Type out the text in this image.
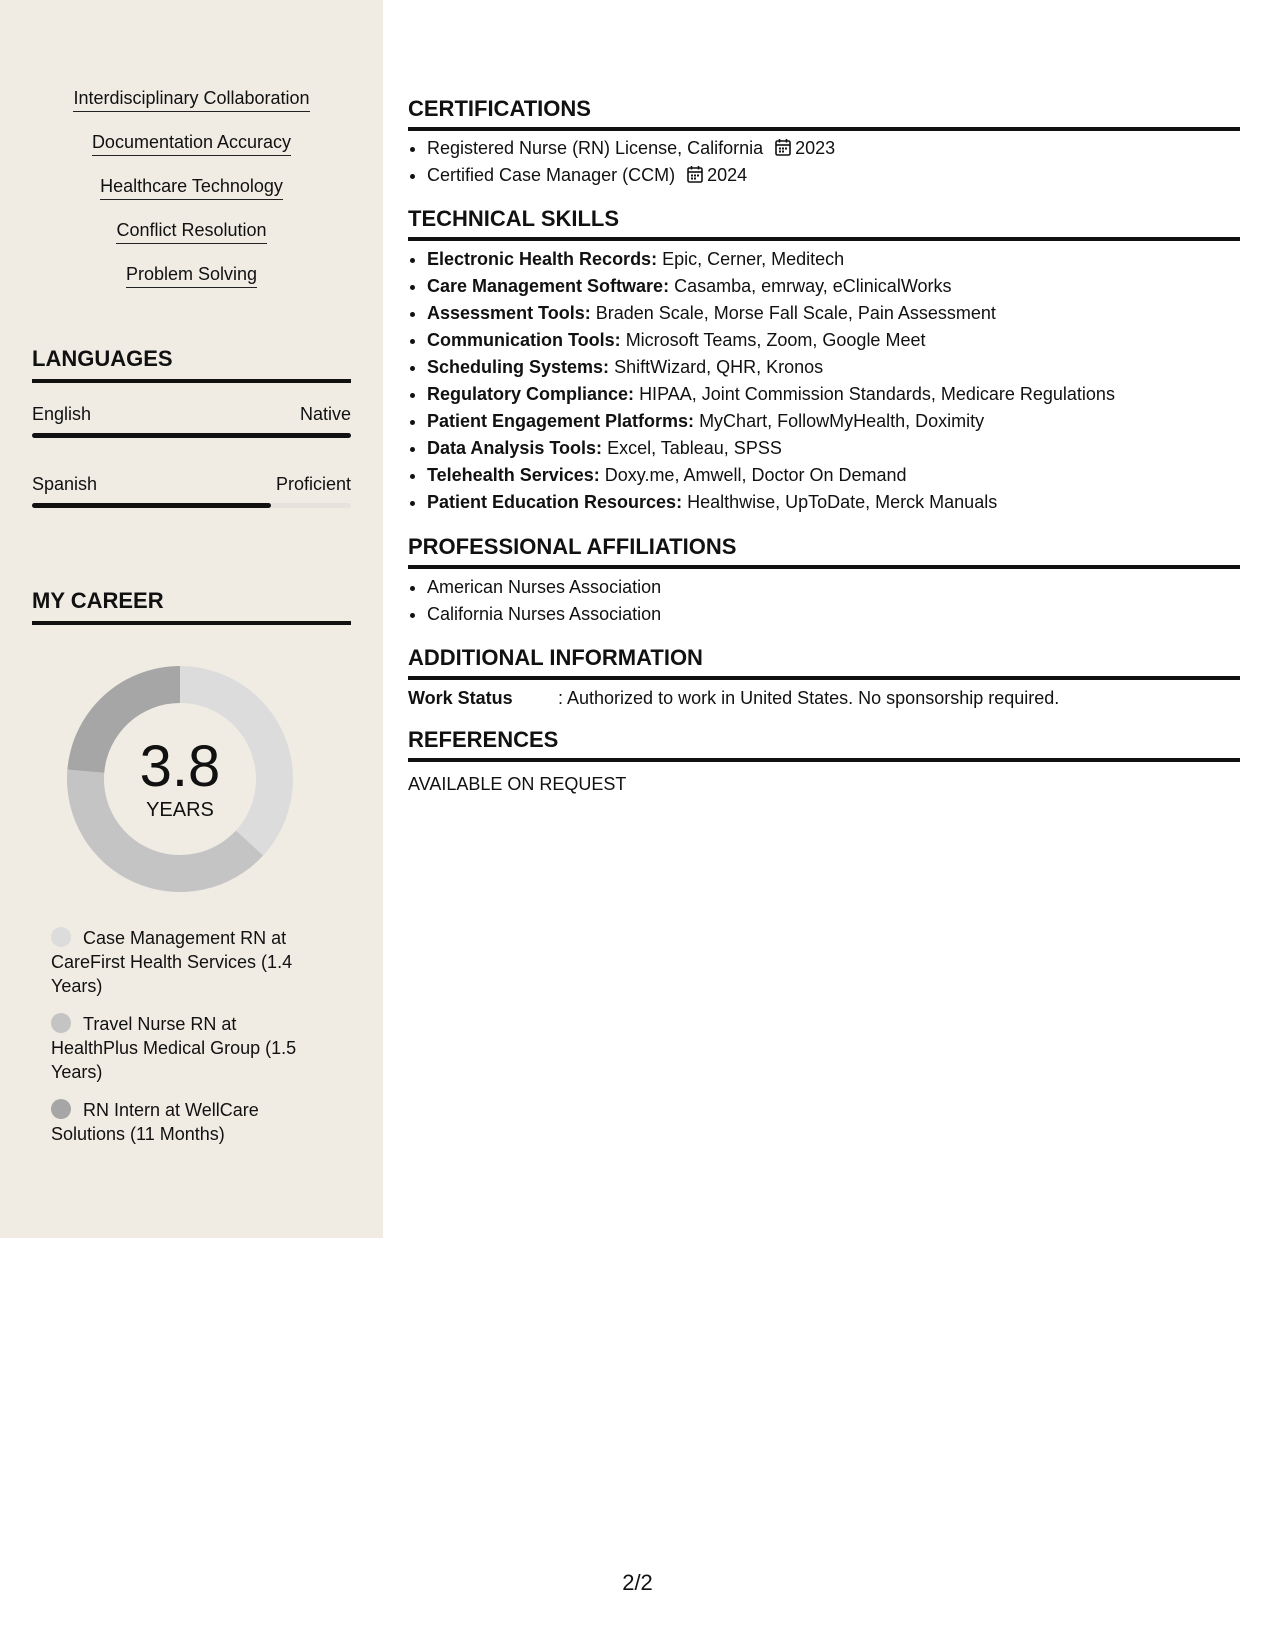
Interdisciplinary Collaboration
Documentation Accuracy
Healthcare Technology
Conflict Resolution
Problem Solving
LANGUAGES
English	Native
Spanish	Proficient
MY CAREER
3.8
YEARS
Case Management RN at CareFirst Health Services (1.4 Years)
Travel Nurse RN at HealthPlus Medical Group (1.5 Years)
RN Intern at WellCare Solutions (11 Months)
CERTIFICATIONS
• Registered Nurse (RN) License, California 2023
• Certified Case Manager (CCM) 2024
TECHNICAL SKILLS
• Electronic Health Records: Epic, Cerner, Meditech
• Care Management Software: Casamba, emrway, eClinicalWorks
• Assessment Tools: Braden Scale, Morse Fall Scale, Pain Assessment
• Communication Tools: Microsoft Teams, Zoom, Google Meet
• Scheduling Systems: ShiftWizard, QHR, Kronos
• Regulatory Compliance: HIPAA, Joint Commission Standards, Medicare Regulations
• Patient Engagement Platforms: MyChart, FollowMyHealth, Doximity
• Data Analysis Tools: Excel, Tableau, SPSS
• Telehealth Services: Doxy.me, Amwell, Doctor On Demand
• Patient Education Resources: Healthwise, UpToDate, Merck Manuals
PROFESSIONAL AFFILIATIONS
• American Nurses Association
• California Nurses Association
ADDITIONAL INFORMATION
Work Status	: Authorized to work in United States. No sponsorship required.
REFERENCES
AVAILABLE ON REQUEST
2/2
